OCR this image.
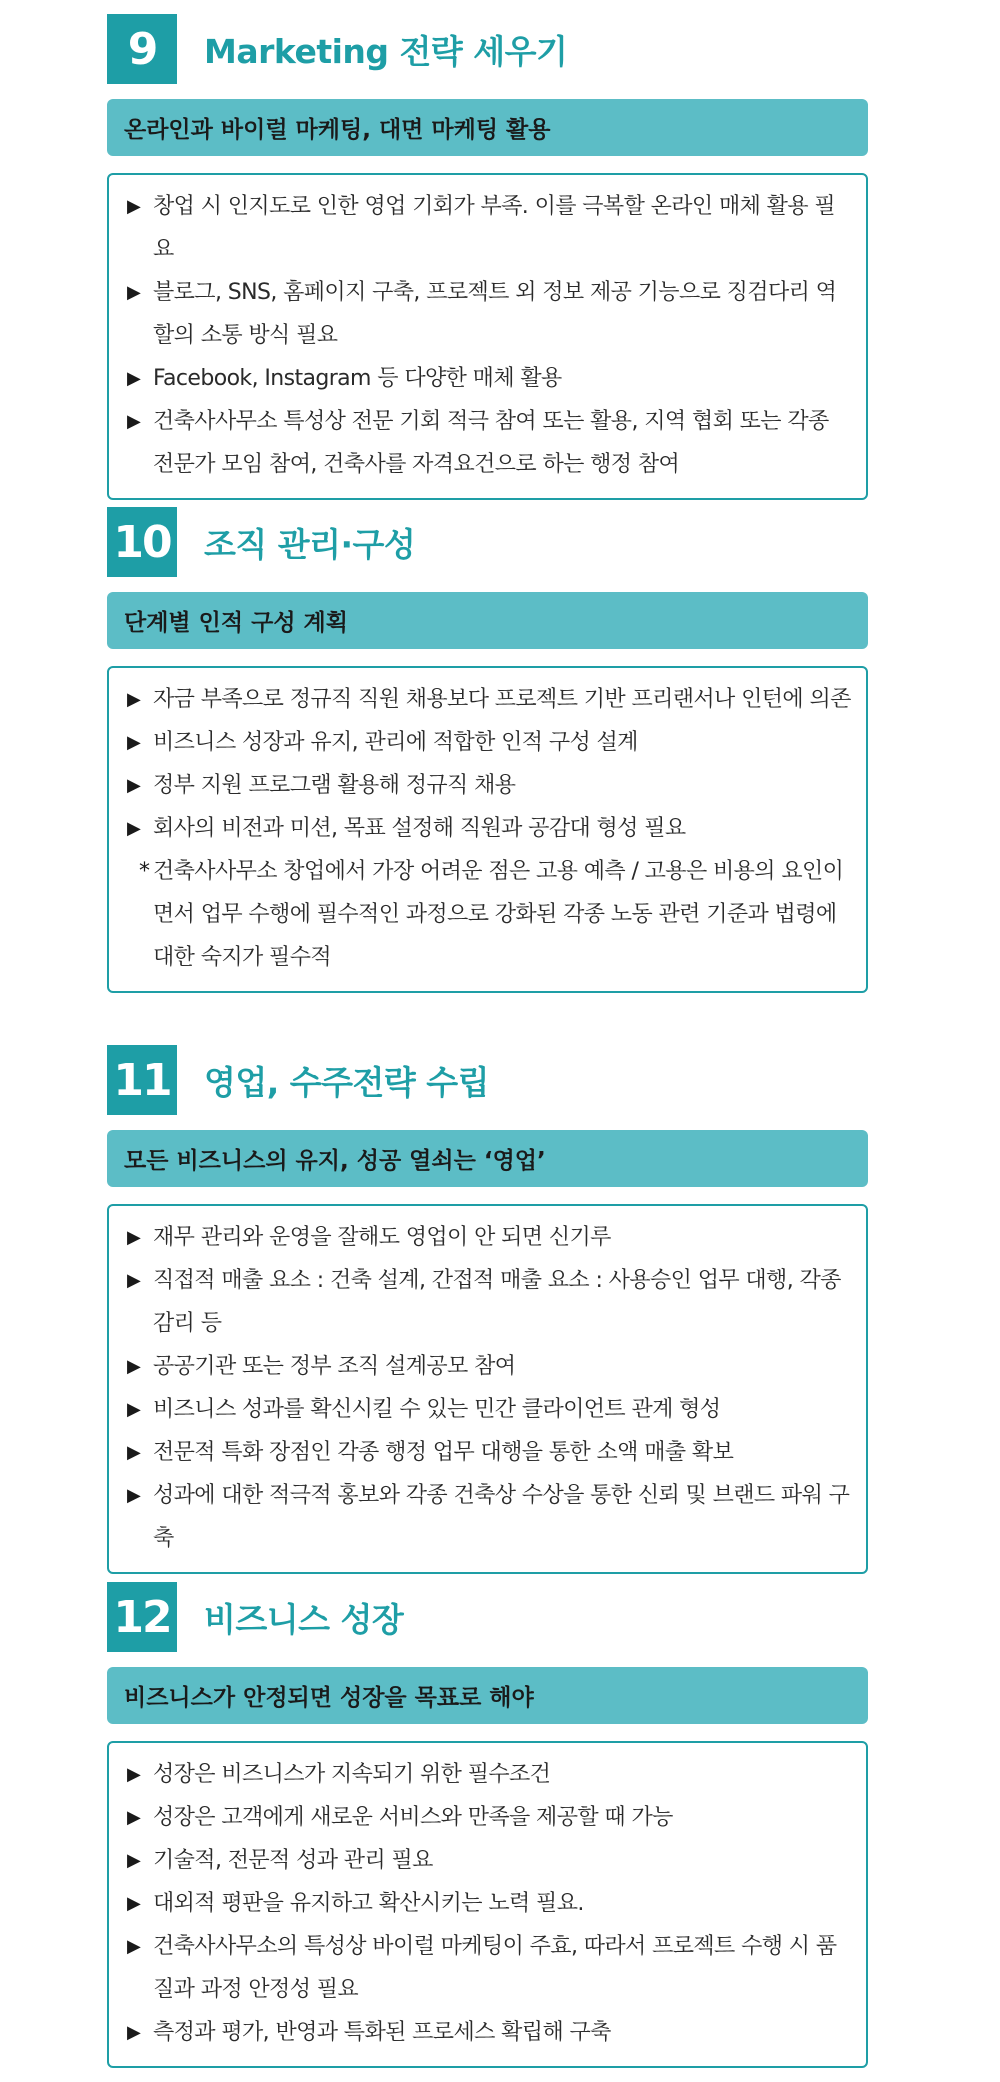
9	Marketing 전략 세우기
온라인과 바이럴 마케팅, 대면 마케팅 활용
▶ 창업 시 인지도로 인한 영업 기회가 부족. 이를 극복할 온라인 매체 활용 필요
▶ 블로그, SNS, 홈페이지 구축, 프로젝트 외 정보 제공 기능으로 징검다리 역할의 소통 방식 필요
▶ Facebook, Instagram 등 다양한 매체 활용
▶ 건축사사무소 특성상 전문 기회 적극 참여 또는 활용, 지역 협회 또는 각종 전문가 모임 참여, 건축사를 자격요건으로 하는 행정 참여
10 조직 관리·구성
단계별 인적 구성 계획
▶ 자금 부족으로 정규직 직원 채용보다 프로젝트 기반 프리랜서나 인턴에 의존
▶ 비즈니스 성장과 유지, 관리에 적합한 인적 구성 설계
▶ 정부 지원 프로그램 활용해 정규직 채용
▶ 회사의 비전과 미션, 목표 설정해 직원과 공감대 형성 필요
* 건축사사무소 창업에서 가장 어려운 점은 고용 예측 / 고용은 비용의 요인이면서 업무 수행에 필수적인 과정으로 강화된 각종 노동 관련 기준과 법령에 대한 숙지가 필수적
11 영업, 수주전략 수립
모든 비즈니스의 유지, 성공 열쇠는 ‘영업’
▶ 재무 관리와 운영을 잘해도 영업이 안 되면 신기루
▶ 직접적 매출 요소 : 건축 설계, 간접적 매출 요소 : 사용승인 업무 대행, 각종 감리 등
▶ 공공기관 또는 정부 조직 설계공모 참여
▶ 비즈니스 성과를 확신시킬 수 있는 민간 클라이언트 관계 형성
▶ 전문적 특화 장점인 각종 행정 업무 대행을 통한 소액 매출 확보
▶ 성과에 대한 적극적 홍보와 각종 건축상 수상을 통한 신뢰 및 브랜드 파워 구축
12 비즈니스 성장
비즈니스가 안정되면 성장을 목표로 해야
▶ 성장은 비즈니스가 지속되기 위한 필수조건
▶ 성장은 고객에게 새로운 서비스와 만족을 제공할 때 가능
▶ 기술적, 전문적 성과 관리 필요
▶ 대외적 평판을 유지하고 확산시키는 노력 필요.
▶ 건축사사무소의 특성상 바이럴 마케팅이 주효, 따라서 프로젝트 수행 시 품질과 과정 안정성 필요
▶ 측정과 평가, 반영과 특화된 프로세스 확립해 구축
